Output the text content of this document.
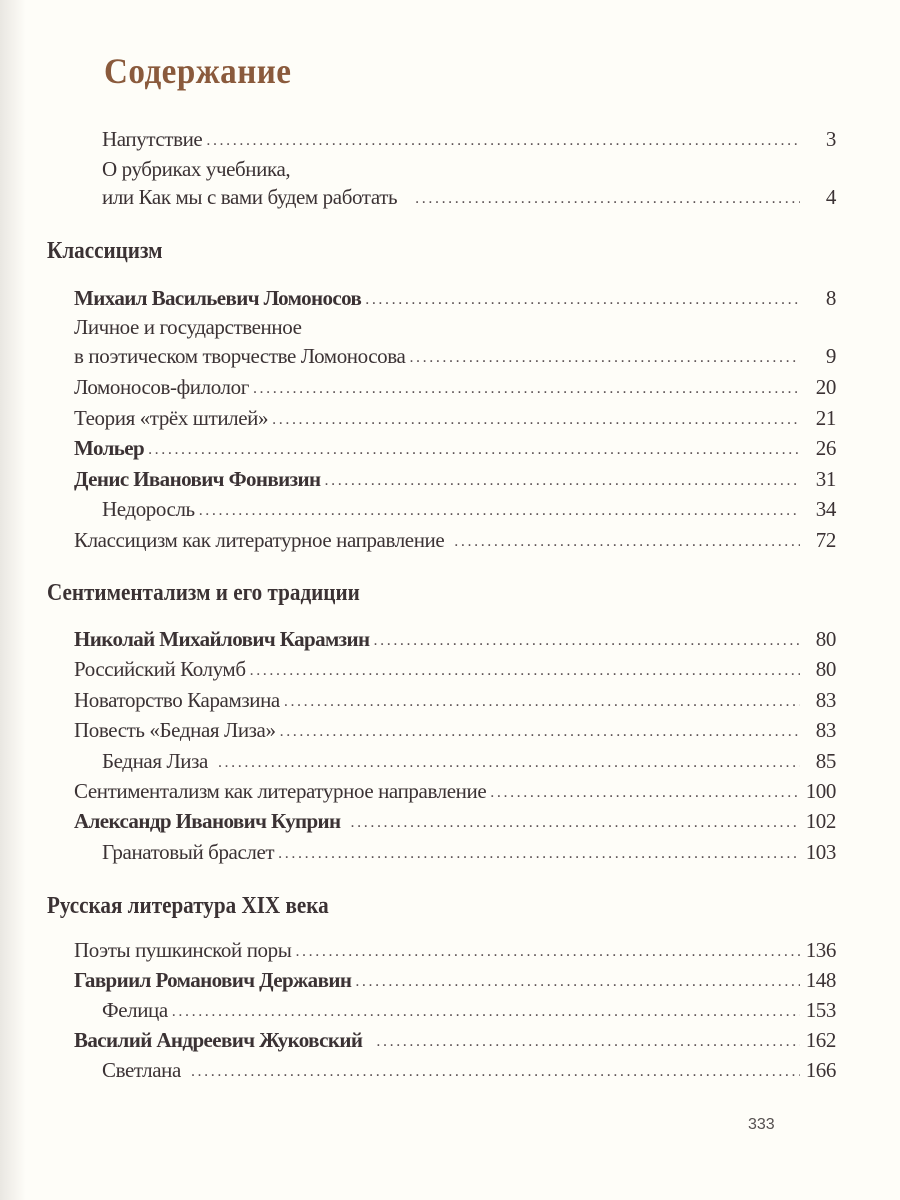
Содержание
Напутствие .....	3
О рубриках учебника,
или Как мы с вами будем работать .....	4
Классицизм
Михаил Васильевич Ломоносов .....	8
Личное и государственное
в поэтическом творчестве Ломоносова .....	9
Ломоносов-филолог .....	20
Теория «трёх штилей» .....	21
Мольер .....	26
Денис Иванович Фонвизин .....	31
Недоросль .....	34
Классицизм как литературное направление .....	72
Сентиментализм и его традиции
Николай Михайлович Карамзин .....	80
Российский Колумб .....	80
Новаторство Карамзина .....	83
Повесть «Бедная Лиза» .....	83
Бедная Лиза .....	85
Сентиментализм как литературное направление .....	100
Александр Иванович Куприн .....	102
Гранатовый браслет .....	103
Русская литература XIX века
Поэты пушкинской поры .....	136
Гавриил Романович Державин .....	148
Фелица .....	153
Василий Андреевич Жуковский .....	162
Светлана .....	166
333
